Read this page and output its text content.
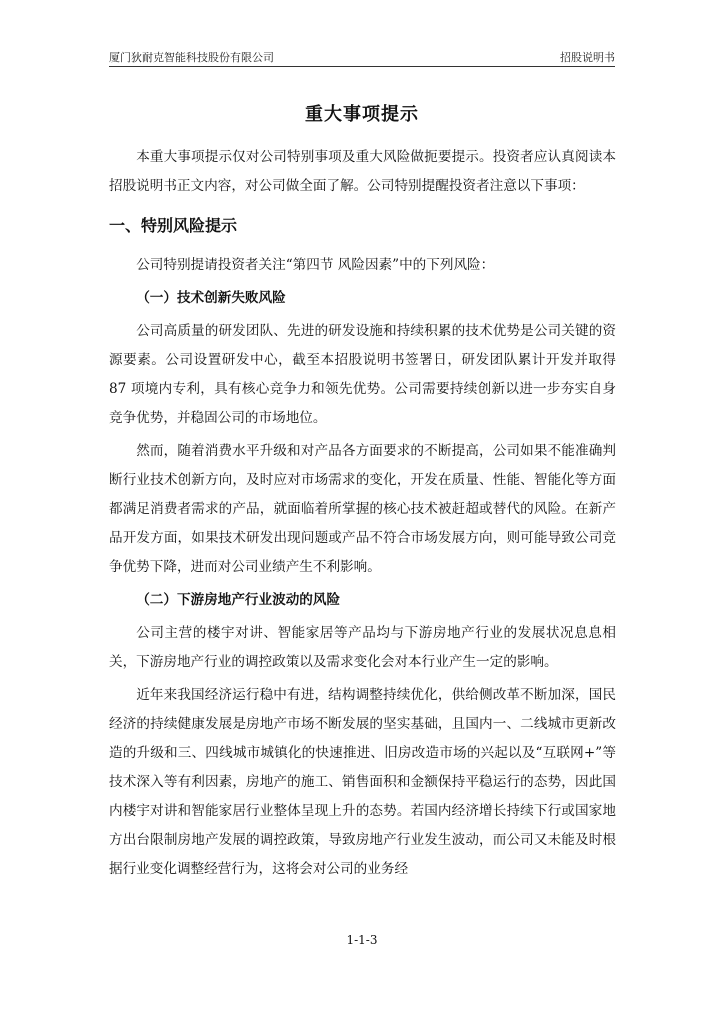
厦门狄耐克智能科技股份有限公司	招股说明书
重大事项提示

本重大事项提示仅对公司特别事项及重大风险做扼要提示。投资者应认真阅读本招股说明书正文内容，对公司做全面了解。公司特别提醒投资者注意以下事项：

一、特别风险提示

公司特别提请投资者关注“第四节 风险因素”中的下列风险：

（一）技术创新失败风险

公司高质量的研发团队、先进的研发设施和持续积累的技术优势是公司关键的资源要素。公司设置研发中心，截至本招股说明书签署日，研发团队累计开发并取得 87 项境内专利，具有核心竞争力和领先优势。公司需要持续创新以进一步夯实自身竞争优势，并稳固公司的市场地位。

然而，随着消费水平升级和对产品各方面要求的不断提高，公司如果不能准确判断行业技术创新方向，及时应对市场需求的变化，开发在质量、性能、智能化等方面都满足消费者需求的产品，就面临着所掌握的核心技术被赶超或替代的风险。在新产品开发方面，如果技术研发出现问题或产品不符合市场发展方向，则可能导致公司竞争优势下降，进而对公司业绩产生不利影响。

（二）下游房地产行业波动的风险

公司主营的楼宇对讲、智能家居等产品均与下游房地产行业的发展状况息息相关，下游房地产行业的调控政策以及需求变化会对本行业产生一定的影响。

近年来我国经济运行稳中有进，结构调整持续优化，供给侧改革不断加深，国民经济的持续健康发展是房地产市场不断发展的坚实基础，且国内一、二线城市更新改造的升级和三、四线城市城镇化的快速推进、旧房改造市场的兴起以及“互联网+”等技术深入等有利因素，房地产的施工、销售面积和金额保持平稳运行的态势，因此国内楼宇对讲和智能家居行业整体呈现上升的态势。若国内经济增长持续下行或国家地方出台限制房地产发展的调控政策，导致房地产行业发生波动，而公司又未能及时根据行业变化调整经营行为，这将会对公司的业务经

1-1-3
